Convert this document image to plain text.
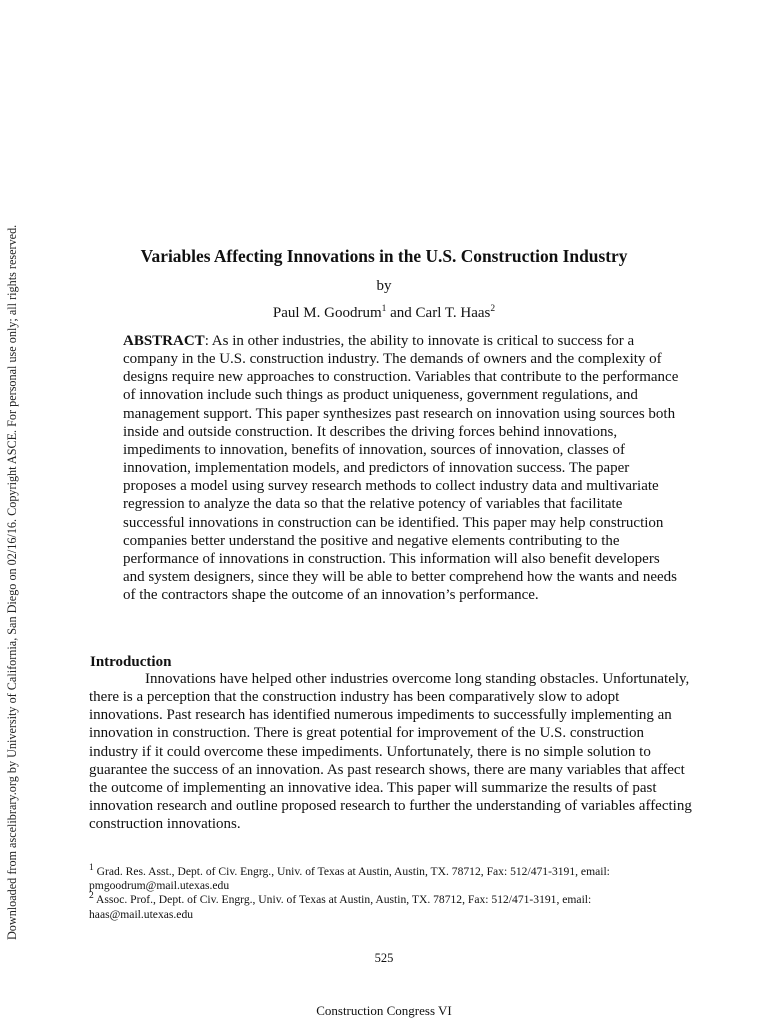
Downloaded from ascelibrary.org by University of California, San Diego on 02/16/16. Copyright ASCE. For personal use only; all rights reserved.	Variables Affecting Innovations in the U.S. Construction Industry
by
Paul M. Goodrum$^1$ and Carl T. Haas$^2$

ABSTRACT: As in other industries, the ability to innovate is critical to success for a company in the U.S. construction industry. The demands of owners and the complexity of designs require new approaches to construction. Variables that contribute to the performance of innovation include such things as product uniqueness, government regulations, and management support. This paper synthesizes past research on innovation using sources both inside and outside construction. It describes the driving forces behind innovations, impediments to innovation, benefits of innovation, sources of innovation, classes of innovation, implementation models, and predictors of innovation success. The paper proposes a model using survey research methods to collect industry data and multivariate regression to analyze the data so that the relative potency of variables that facilitate successful innovations in construction can be identified. This paper may help construction companies better understand the positive and negative elements contributing to the performance of innovations in construction. This information will also benefit developers and system designers, since they will be able to better comprehend how the wants and needs of the contractors shape the outcome of an innovation’s performance.

Introduction

Innovations have helped other industries overcome long standing obstacles. Unfortunately, there is a perception that the construction industry has been comparatively slow to adopt innovations. Past research has identified numerous impediments to successfully implementing an innovation in construction. There is great potential for improvement of the U.S. construction industry if it could overcome these impediments. Unfortunately, there is no simple solution to guarantee the success of an innovation. As past research shows, there are many variables that affect the outcome of implementing an innovative idea. This paper will summarize the results of past innovation research and outline proposed research to further the understanding of variables affecting construction innovations.

$^1$ Grad. Res. Asst., Dept. of Civ. Engrg., Univ. of Texas at Austin, Austin, TX. 78712, Fax: 512/471-3191, email: pmgoodrum@mail.utexas.edu

$^2$ Assoc. Prof., Dept. of Civ. Engrg., Univ. of Texas at Austin, Austin, TX. 78712, Fax: 512/471-3191, email: haas@mail.utexas.edu

525
Construction Congress VI
